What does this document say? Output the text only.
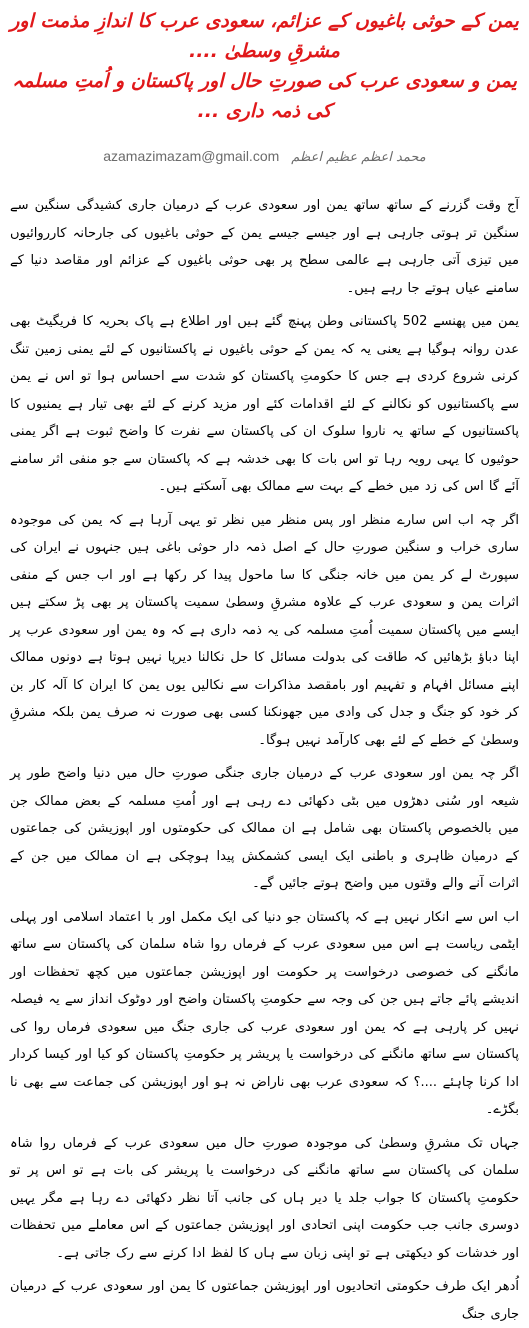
یمن کے حوثی باغیوں کے عزائم، سعودی عرب کا اندازِ مذمت اور مشرقِ وسطیٰ ....
یمن و سعودی عرب کی صورتِ حال اور پاکستان و اُمتِ مسلمہ کی ذمہ داری ...
azamazimazam@gmail.com محمد اعظم عظیم اعظم

آج وقت گزرنے کے ساتھ ساتھ یمن اور سعودی عرب کے درمیان جاری کشیدگی سنگین سے سنگین تر ہوتی جارہی ہے اور جیسے جیسے یمن کے حوثی باغیوں کی جارحانہ کارروائیوں میں تیزی آتی جارہی ہے عالمی سطح پر بھی حوثی باغیوں کے عزائم اور مقاصد دنیا کے سامنے عیاں ہوتے جا رہے ہیں۔

یمن میں پھنسے 502 پاکستانی وطن پہنچ گئے ہیں اور اطلاع ہے پاک بحریہ کا فریگیٹ بھی عدن روانہ ہوگیا ہے یعنی یہ کہ یمن کے حوثی باغیوں نے پاکستانیوں کے لئے یمنی زمین تنگ کرنی شروع کردی ہے جس کا حکومتِ پاکستان کو شدت سے احساس ہوا تو اس نے یمن سے پاکستانیوں کو نکالنے کے لئے اقدامات کئے اور مزید کرنے کے لئے بھی تیار ہے یمنیوں کا پاکستانیوں کے ساتھ یہ ناروا سلوک ان کی پاکستان سے نفرت کا واضح ثبوت ہے اگر یمنی حوثیوں کا یہی رویہ رہا تو اس بات کا بھی خدشہ ہے کہ پاکستان سے جو منفی اثر سامنے آئے گا اس کی زد میں خطے کے بہت سے ممالک بھی آسکتے ہیں۔

اگر چہ اب اس سارے منظر اور پس منظر میں نظر تو یہی آرہا ہے کہ یمن کی موجودہ ساری خراب و سنگین صورتِ حال کے اصل ذمہ دار حوثی باغی ہیں جنہوں نے ایران کی سپورٹ لے کر یمن میں خانہ جنگی کا سا ماحول پیدا کر رکھا ہے اور اب جس کے منفی اثرات یمن و سعودی عرب کے علاوہ مشرقِ وسطیٰ سمیت پاکستان پر بھی پڑ سکتے ہیں ایسے میں پاکستان سمیت اُمتِ مسلمہ کی یہ ذمہ داری ہے کہ وہ یمن اور سعودی عرب پر اپنا دباؤ بڑھائیں کہ طاقت کی بدولت مسائل کا حل نکالنا دیرپا نہیں ہوتا ہے دونوں ممالک اپنے مسائل افہام و تفہیم اور بامقصد مذاکرات سے نکالیں یوں یمن کا ایران کا آلہ کار بن کر خود کو جنگ و جدل کی وادی میں جھونکنا کسی بھی صورت نہ صرف یمن بلکہ مشرقِ وسطیٰ کے خطے کے لئے بھی کارآمد نہیں ہوگا۔

اگر چہ یمن اور سعودی عرب کے درمیان جاری جنگی صورتِ حال میں دنیا واضح طور پر شیعہ اور سُنی دھڑوں میں بٹی دکھائی دے رہی ہے اور اُمتِ مسلمہ کے بعض ممالک جن میں بالخصوص پاکستان بھی شامل ہے ان ممالک کی حکومتوں اور اپوزیشن کی جماعتوں کے درمیان ظاہری و باطنی ایک ایسی کشمکش پیدا ہوچکی ہے ان ممالک میں جن کے اثرات آنے والے وقتوں میں واضح ہوتے جائیں گے۔

اب اس سے انکار نہیں ہے کہ پاکستان جو دنیا کی ایک مکمل اور با اعتماد اسلامی اور پہلی ایٹمی ریاست ہے اس میں سعودی عرب کے فرماں روا شاہ سلمان کی پاکستان سے ساتھ مانگنے کی خصوصی درخواست پر حکومت اور اپوزیشن جماعتوں میں کچھ تحفظات اور اندیشے پائے جاتے ہیں جن کی وجہ سے حکومتِ پاکستان واضح اور دوٹوک انداز سے یہ فیصلہ نہیں کر پارہی ہے کہ یمن اور سعودی عرب کی جاری جنگ میں سعودی فرماں روا کی پاکستان سے ساتھ مانگنے کی درخواست یا پریشر پر حکومتِ پاکستان کو کیا اور کیسا کردار ادا کرنا چاہئے ....؟ کہ سعودی عرب بھی ناراض نہ ہو اور اپوزیشن کی جماعت سے بھی نا بگڑے۔

جہاں تک مشرقِ وسطیٰ کی موجودہ صورتِ حال میں سعودی عرب کے فرماں روا شاہ سلمان کی پاکستان سے ساتھ مانگنے کی درخواست یا پریشر کی بات ہے تو اس پر تو حکومتِ پاکستان کا جواب جلد یا دیر ہاں کی جانب آتا نظر دکھائی دے رہا ہے مگر یہیں دوسری جانب جب حکومت اپنی اتحادی اور اپوزیشن جماعتوں کے اس معاملے میں تحفظات اور خدشات کو دیکھتی ہے تو اپنی زبان سے ہاں کا لفظ ادا کرنے سے رک جاتی ہے۔

اُدھر ایک طرف حکومتی اتحادیوں اور اپوزیشن جماعتوں کا یمن اور سعودی عرب کے درمیان جاری جنگ
